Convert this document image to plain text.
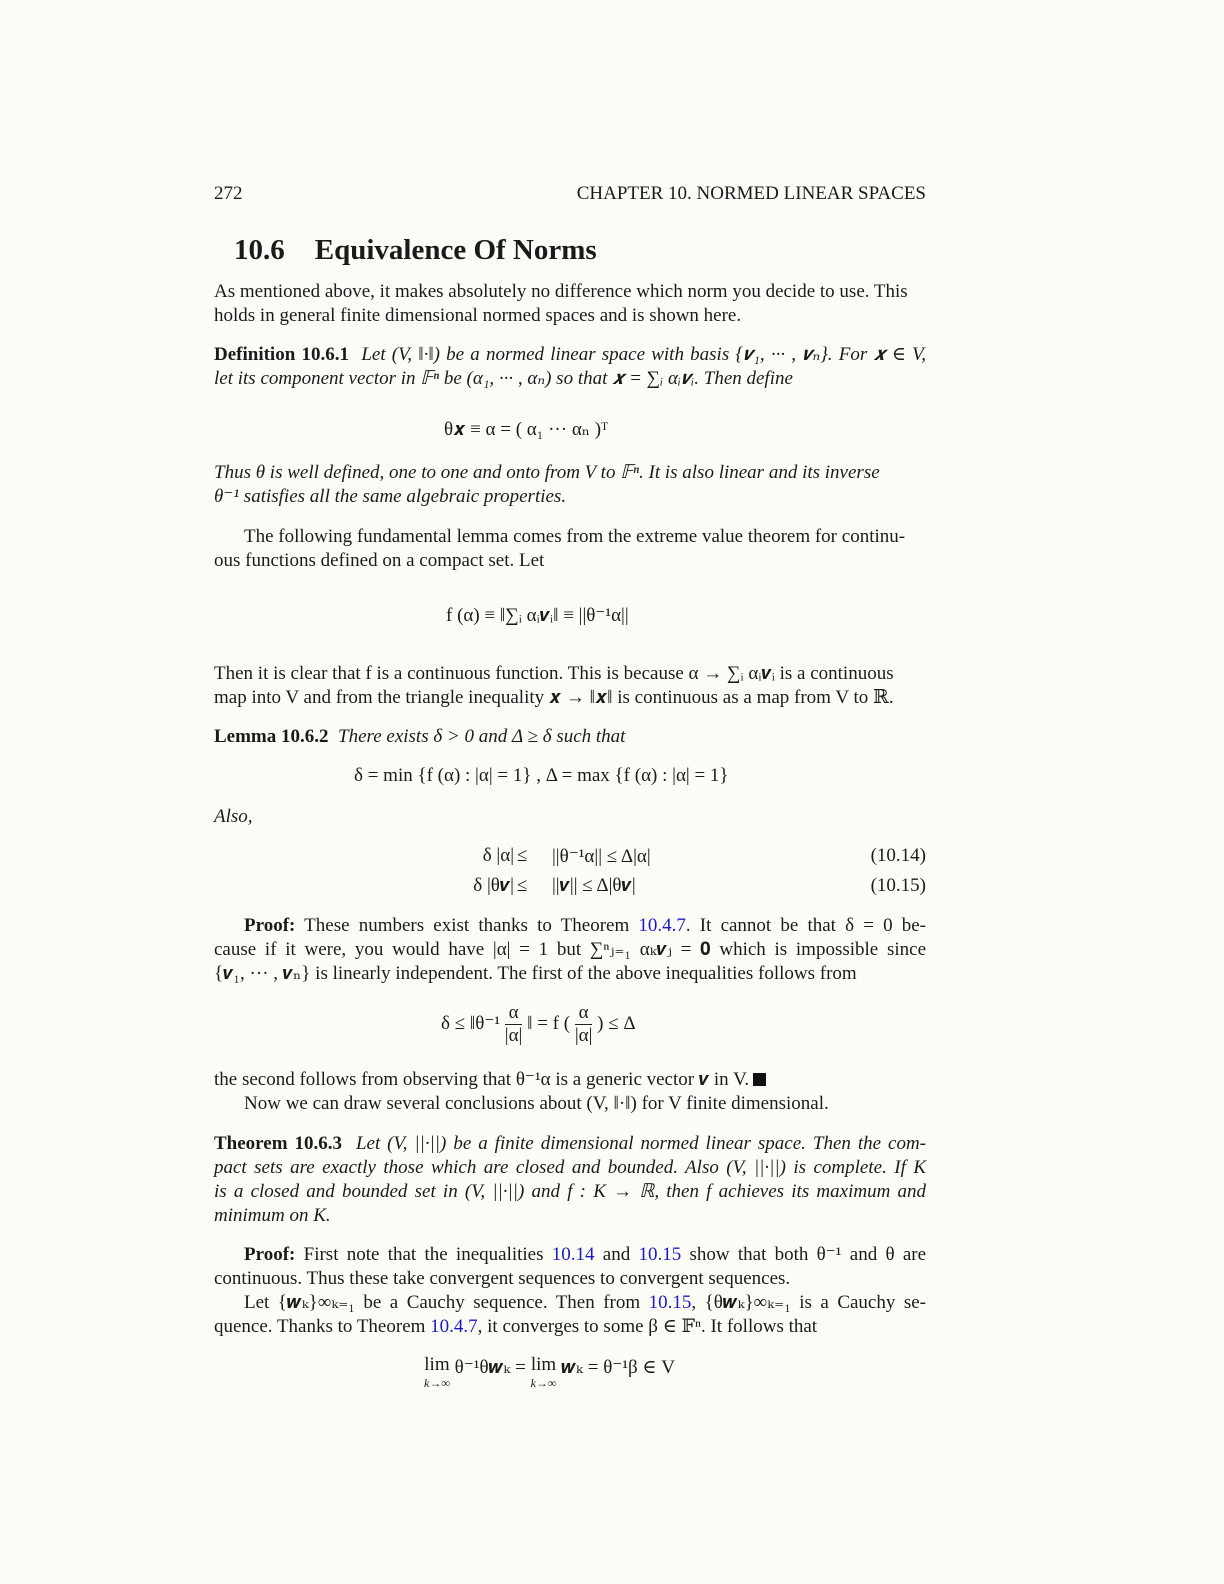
272	CHAPTER 10. NORMED LINEAR SPACES
10.6 Equivalence Of Norms
As mentioned above, it makes absolutely no difference which norm you decide to use. This
holds in general finite dimensional normed spaces and is shown here.
Definition 10.6.1 Let (V, ‖·‖) be a normed linear space with basis {𝒗₁, ··· , 𝒗ₙ}. For 𝒙 ∈ V,
let its component vector in 𝔽ⁿ be (α₁, ··· , αₙ) so that 𝒙 = ∑ᵢ αᵢ𝒗ᵢ. Then define
θ𝒙 ≡ α = ( α₁ ··· αₙ )ᵀ
Thus θ is well defined, one to one and onto from V to 𝔽ⁿ. It is also linear and its inverse
θ⁻¹ satisfies all the same algebraic properties.
The following fundamental lemma comes from the extreme value theorem for continu-
ous functions defined on a compact set. Let
f (α) ≡ ‖∑ᵢ αᵢ𝒗ᵢ‖ ≡ ||θ⁻¹α||
Then it is clear that f is a continuous function. This is because α → ∑ᵢ αᵢ𝒗ᵢ is a continuous
map into V and from the triangle inequality 𝒙 → ‖𝒙‖ is continuous as a map from V to ℝ.
Lemma 10.6.2 There exists δ > 0 and Δ ≥ δ such that
δ = min {f (α) : |α| = 1} , Δ = max {f (α) : |α| = 1}
Also,
δ |α| ≤ ||θ⁻¹α|| ≤ Δ|α|	(10.14)
δ |θ𝒗| ≤ ||𝒗|| ≤ Δ|θ𝒗|	(10.15)
Proof: These numbers exist thanks to Theorem 10.4.7. It cannot be that δ = 0 be-
cause if it were, you would have |α| = 1 but ∑ⁿⱼ₌₁ αₖ𝒗ⱼ = 𝟎 which is impossible since
{𝒗₁, ··· , 𝒗ₙ} is linearly independent. The first of the above inequalities follows from
δ ≤ ‖θ⁻¹ $\frac{\alpha}{|\alpha|}$ ‖ = f ( $\frac{\alpha}{|\alpha|}$ ) ≤ Δ
the second follows from observing that θ⁻¹α is a generic vector 𝒗 in V.
Now we can draw several conclusions about (V, ‖·‖) for V finite dimensional.
Theorem 10.6.3 Let (V, ||·||) be a finite dimensional normed linear space. Then the com-
pact sets are exactly those which are closed and bounded. Also (V, ||·||) is complete. If K
is a closed and bounded set in (V, ||·||) and f : K → ℝ, then f achieves its maximum and
minimum on K.
Proof: First note that the inequalities 10.14 and 10.15 show that both θ⁻¹ and θ are
continuous. Thus these take convergent sequences to convergent sequences.
Let {𝒘ₖ}∞ₖ₌₁ be a Cauchy sequence. Then from 10.15, {θ𝒘ₖ}∞ₖ₌₁ is a Cauchy se-
quence. Thanks to Theorem 10.4.7, it converges to some β ∈ 𝔽ⁿ. It follows that
lim
k→∞
θ⁻¹θ𝒘ₖ = lim
k→∞
𝒘ₖ = θ⁻¹β ∈ V
